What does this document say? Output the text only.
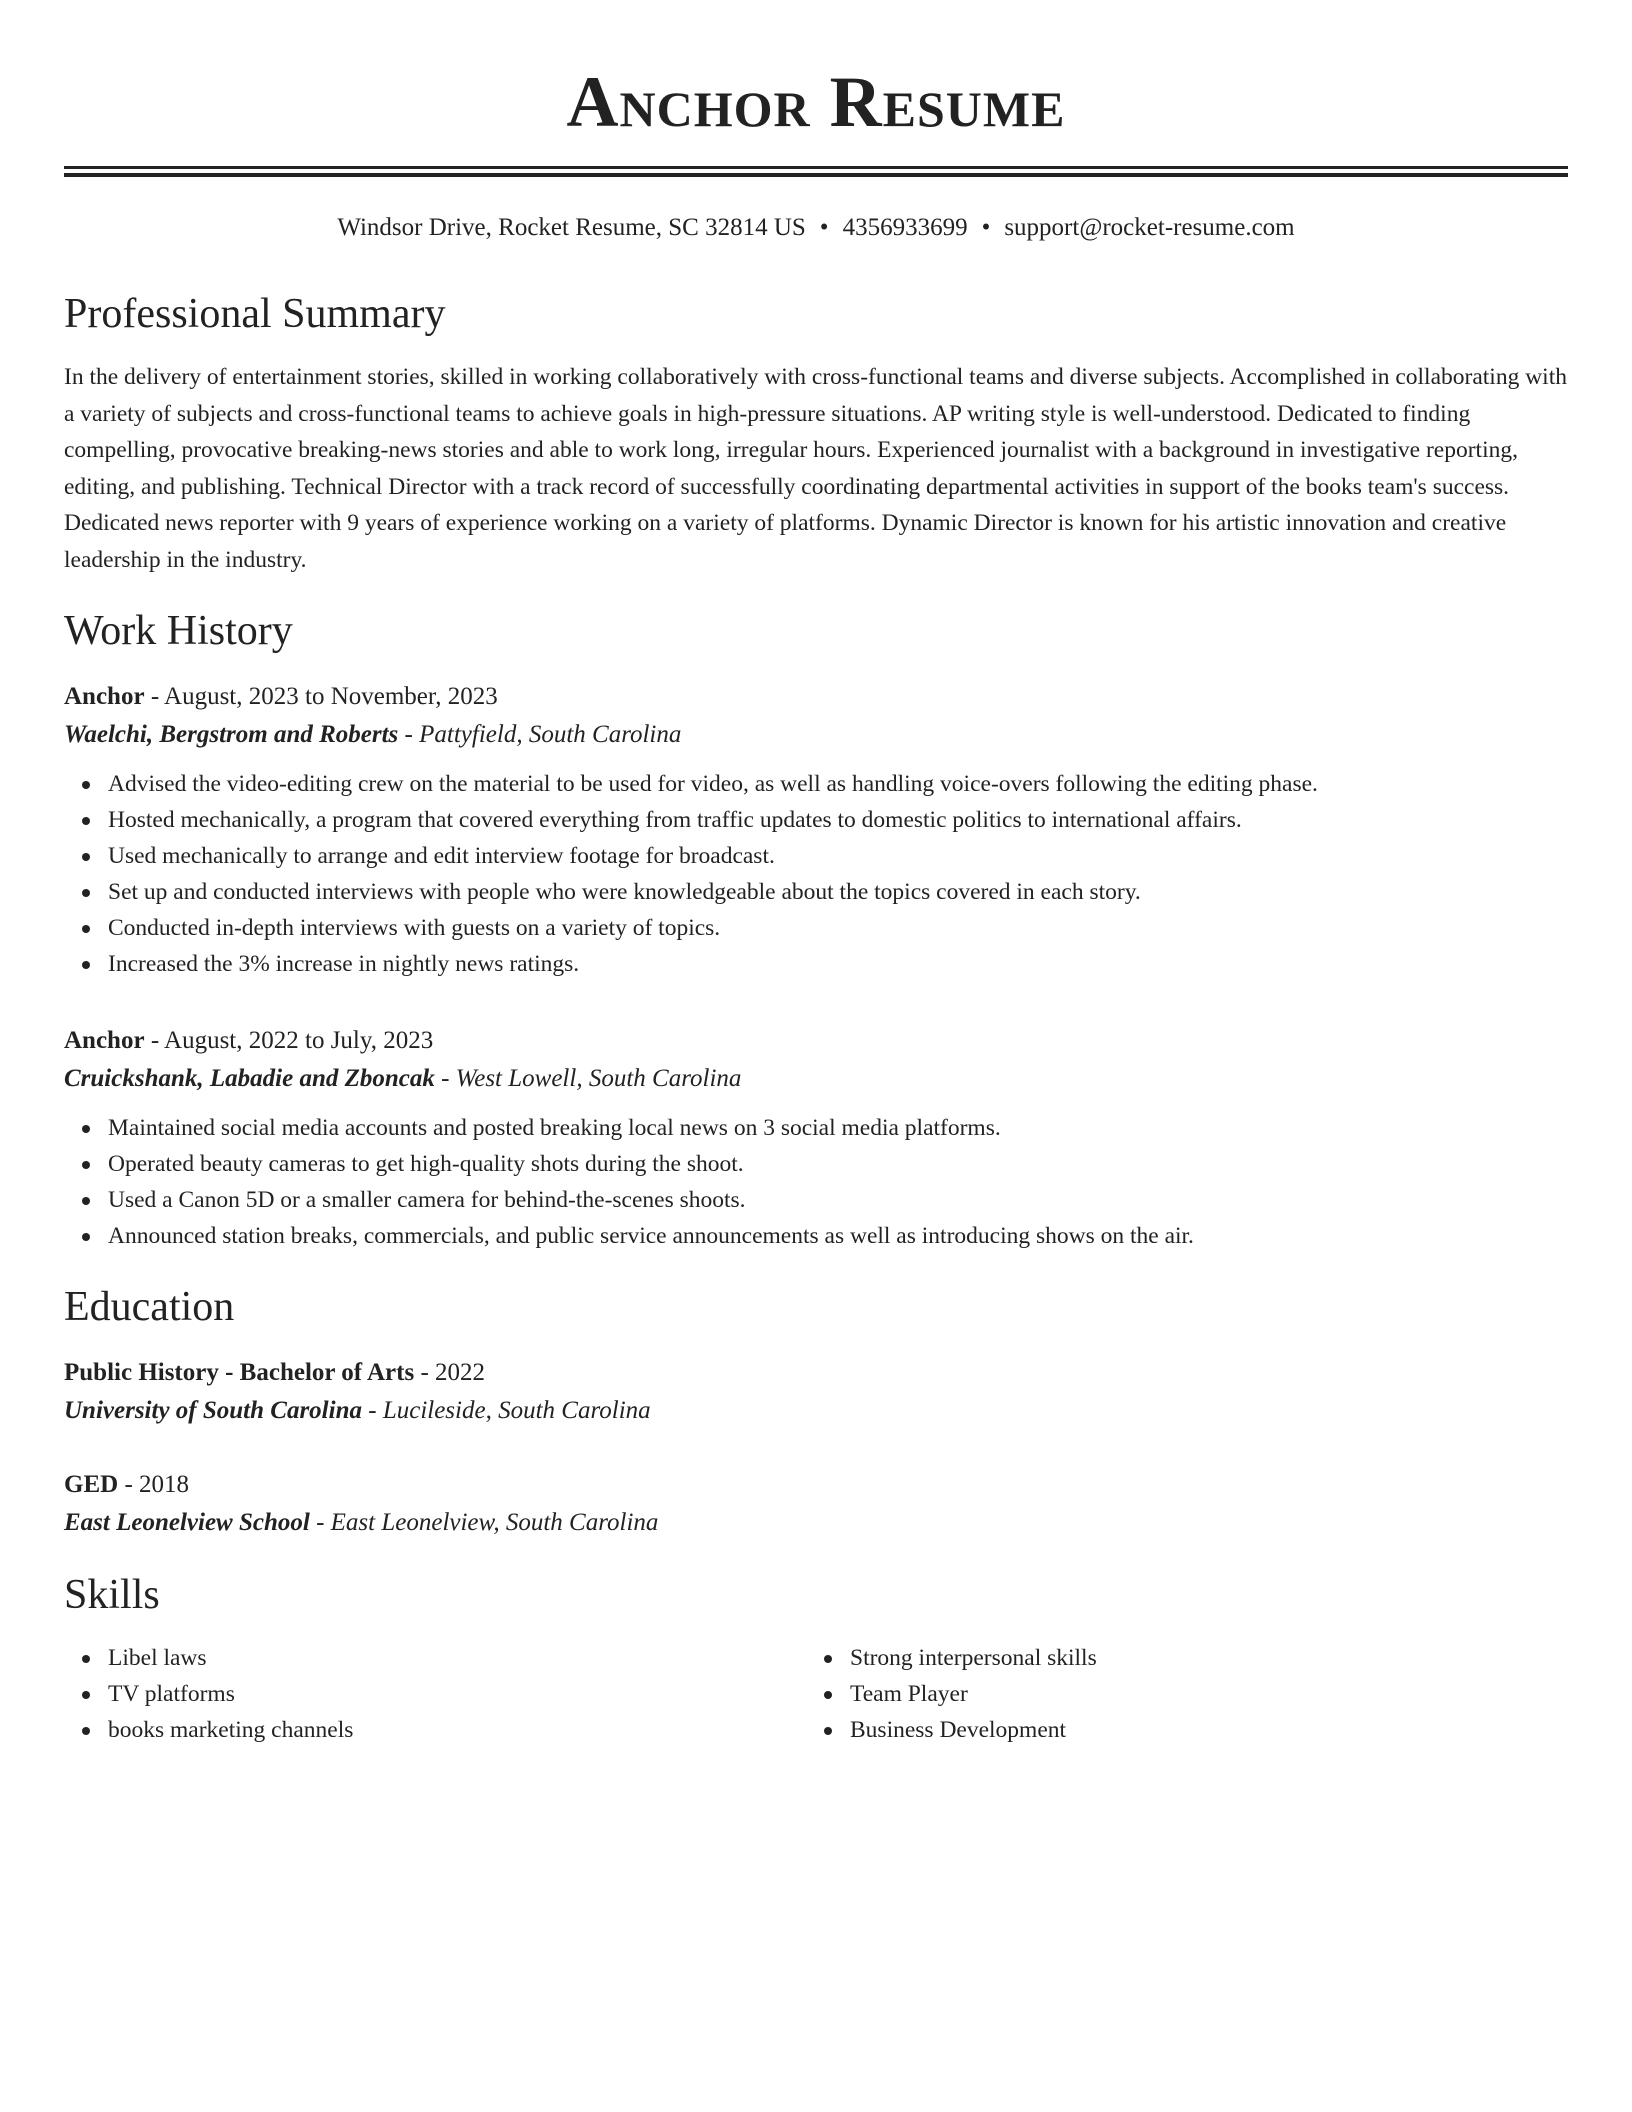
Anchor Resume
Windsor Drive, Rocket Resume, SC 32814 US • 4356933699 • support@rocket-resume.com
Professional Summary
In the delivery of entertainment stories, skilled in working collaboratively with cross-functional teams and diverse subjects. Accomplished in collaborating with a variety of subjects and cross-functional teams to achieve goals in high-pressure situations. AP writing style is well-understood. Dedicated to finding compelling, provocative breaking-news stories and able to work long, irregular hours. Experienced journalist with a background in investigative reporting, editing, and publishing. Technical Director with a track record of successfully coordinating departmental activities in support of the books team's success. Dedicated news reporter with 9 years of experience working on a variety of platforms. Dynamic Director is known for his artistic innovation and creative leadership in the industry.
Work History
Anchor - August, 2023 to November, 2023
Waelchi, Bergstrom and Roberts - Pattyfield, South Carolina
Advised the video-editing crew on the material to be used for video, as well as handling voice-overs following the editing phase.
Hosted mechanically, a program that covered everything from traffic updates to domestic politics to international affairs.
Used mechanically to arrange and edit interview footage for broadcast.
Set up and conducted interviews with people who were knowledgeable about the topics covered in each story.
Conducted in-depth interviews with guests on a variety of topics.
Increased the 3% increase in nightly news ratings.
Anchor - August, 2022 to July, 2023
Cruickshank, Labadie and Zboncak - West Lowell, South Carolina
Maintained social media accounts and posted breaking local news on 3 social media platforms.
Operated beauty cameras to get high-quality shots during the shoot.
Used a Canon 5D or a smaller camera for behind-the-scenes shoots.
Announced station breaks, commercials, and public service announcements as well as introducing shows on the air.
Education
Public History - Bachelor of Arts - 2022
University of South Carolina - Lucileside, South Carolina
GED - 2018
East Leonelview School - East Leonelview, South Carolina
Skills
Libel laws
TV platforms
books marketing channels
Strong interpersonal skills
Team Player
Business Development
